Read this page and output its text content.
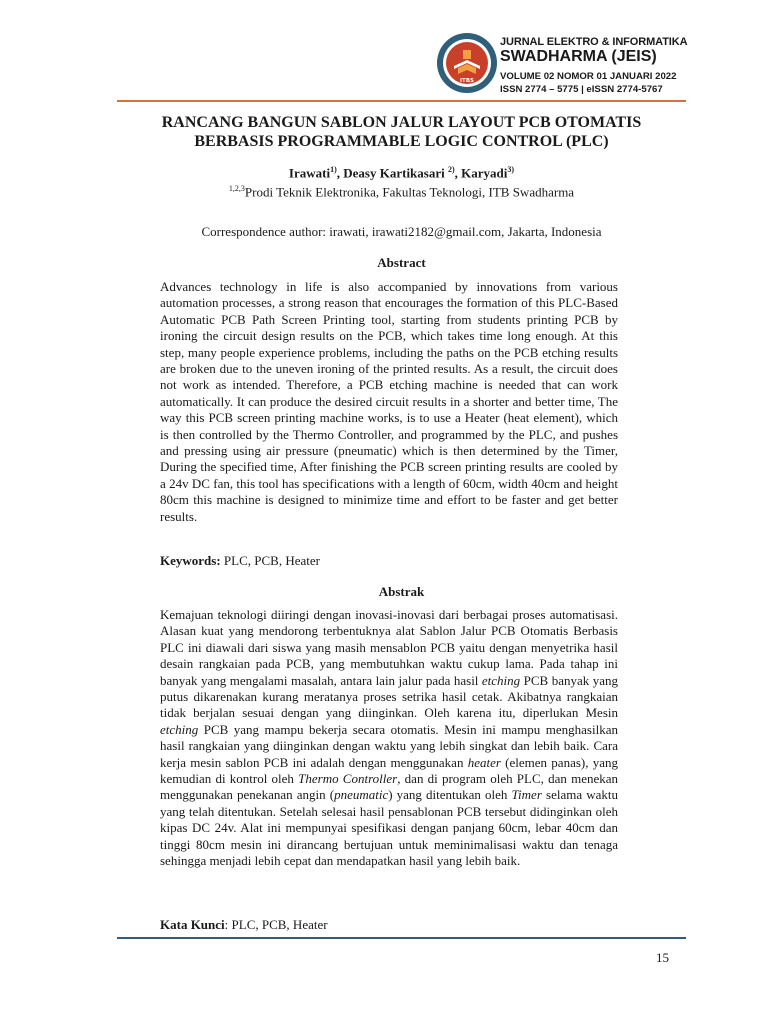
ITBS
JURNAL ELEKTRO & INFORMATIKA
SWADHARMA (JEIS)
VOLUME 02 NOMOR 01 JANUARI 2022
ISSN 2774 – 5775 | eISSN 2774-5767
RANCANG BANGUN SABLON JALUR LAYOUT PCB OTOMATIS
BERBASIS PROGRAMMABLE LOGIC CONTROL (PLC)
Irawati$^{1)}$, Deasy Kartikasari $^{2)}$, Karyadi$^{3)}$
$^{1,2,3}$Prodi Teknik Elektronika, Fakultas Teknologi, ITB Swadharma
Correspondence author: irawati, irawati2182@gmail.com, Jakarta, Indonesia
Abstract

Advances technology in life is also accompanied by innovations from various automation processes, a strong reason that encourages the formation of this PLC-Based Automatic PCB Path Screen Printing tool, starting from students printing PCB by ironing the circuit design results on the PCB, which takes time long enough. At this step, many people experience problems, including the paths on the PCB etching results are broken due to the uneven ironing of the printed results. As a result, the circuit does not work as intended. Therefore, a PCB etching machine is needed that can work automatically. It can produce the desired circuit results in a shorter and better time, The way this PCB screen printing machine works, is to use a Heater (heat element), which is then controlled by the Thermo Controller, and programmed by the PLC, and pushes and pressing using air pressure (pneumatic) which is then determined by the Timer, During the specified time, After finishing the PCB screen printing results are cooled by a 24v DC fan, this tool has specifications with a length of 60cm, width 40cm and height 80cm this machine is designed to minimize time and effort to be faster and get better results.

Keywords: PLC, PCB, Heater
Abstrak

Kemajuan teknologi diiringi dengan inovasi-inovasi dari berbagai proses automatisasi. Alasan kuat yang mendorong terbentuknya alat Sablon Jalur PCB Otomatis Berbasis PLC ini diawali dari siswa yang masih mensablon PCB yaitu dengan menyetrika hasil desain rangkaian pada PCB, yang membutuhkan waktu cukup lama. Pada tahap ini banyak yang mengalami masalah, antara lain jalur pada hasil etching PCB banyak yang putus dikarenakan kurang meratanya proses setrika hasil cetak. Akibatnya rangkaian tidak berjalan sesuai dengan yang diinginkan. Oleh karena itu, diperlukan Mesin etching PCB yang mampu bekerja secara otomatis. Mesin ini mampu menghasilkan hasil rangkaian yang diinginkan dengan waktu yang lebih singkat dan lebih baik. Cara kerja mesin sablon PCB ini adalah dengan menggunakan heater (elemen panas), yang kemudian di kontrol oleh Thermo Controller, dan di program oleh PLC, dan menekan menggunakan penekanan angin (pneumatic) yang ditentukan oleh Timer selama waktu yang telah ditentukan. Setelah selesai hasil pensablonan PCB tersebut didinginkan oleh kipas DC 24v. Alat ini mempunyai spesifikasi dengan panjang 60cm, lebar 40cm dan tinggi 80cm mesin ini dirancang bertujuan untuk meminimalisasi waktu dan tenaga sehingga menjadi lebih cepat dan mendapatkan hasil yang lebih baik.

Kata Kunci: PLC, PCB, Heater
15
